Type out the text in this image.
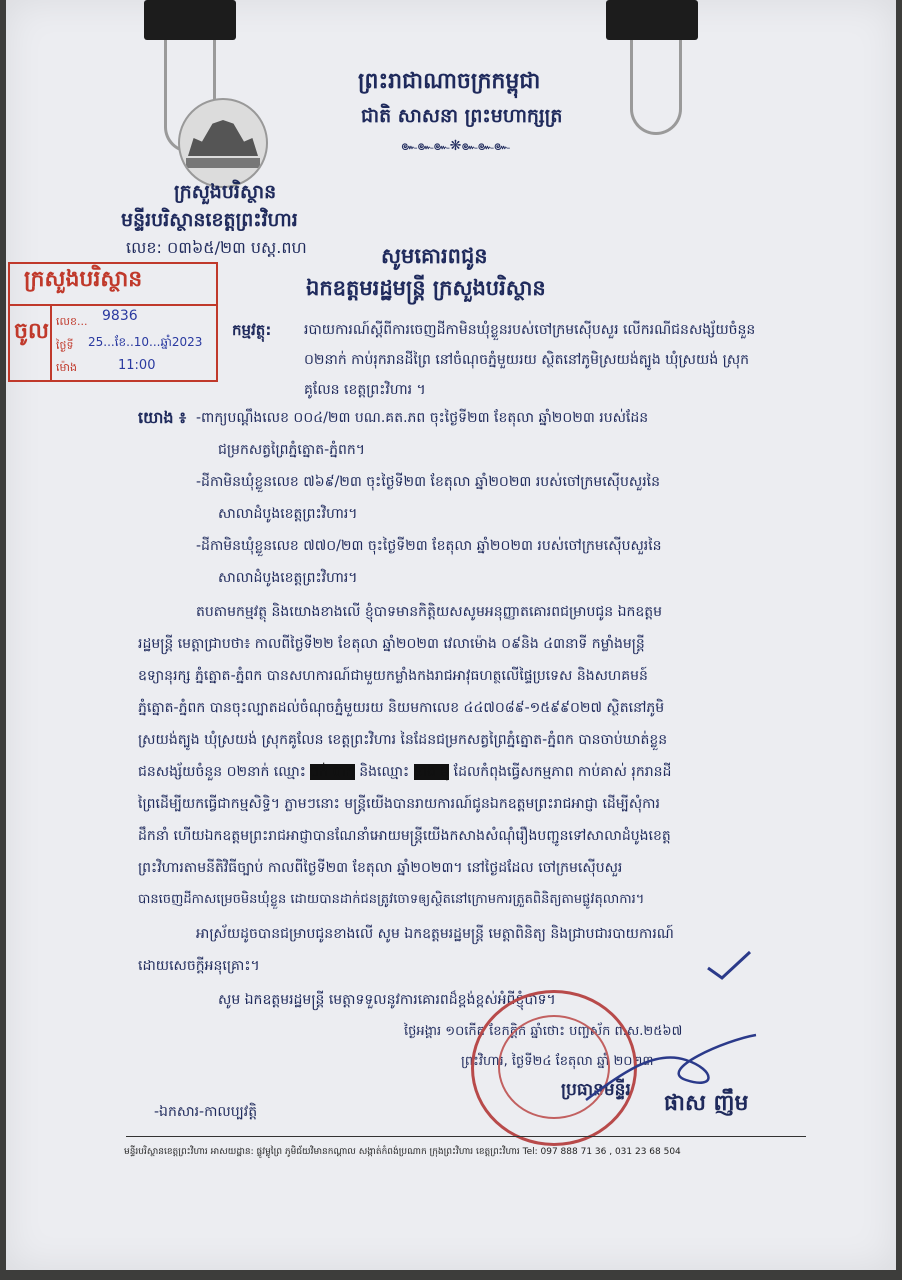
ព្រះរាជាណាចក្រកម្ពុជា
ជាតិ សាសនា ព្រះមហាក្សត្រ
๛๛๛❋๛๛๛
ក្រសួងបរិស្ថាន
មន្ទីរបរិស្ថានខេត្តព្រះវិហារ
លេខ: ០៣៦៥/២៣ បស្ត.ពហ
ក្រសួងបរិស្ថាន
ចូល លេខ... 9836
ថ្ងៃទី 25...ខែ..10...ឆ្នាំ2023
ម៉ោង	11:00
សូមគោរពជូន
ឯកឧត្តមរដ្ឋមន្ត្រី ក្រសួងបរិស្ថាន
កម្មវត្ថុ: របាយការណ៍ស្តីពីការចេញដីកាមិនឃុំខ្លួនរបស់ចៅក្រមស៊ើបសួរ លើករណីជនសង្ស័យចំនួន
០២នាក់ កាប់រុករានដីព្រៃ នៅចំណុចភ្នំមួយរយ ស្ថិតនៅភូមិស្រយង់ត្បូង ឃុំស្រយង់ ស្រុក
គូលែន ខេត្តព្រះវិហារ ។
យោង ៖ -ពាក្យបណ្តឹងលេខ ០០៤/២៣ បណ.គត.ភព ចុះថ្ងៃទី២៣ ខែតុលា ឆ្នាំ២០២៣ របស់ដែន
ជម្រកសត្វព្រៃភ្នំត្នោត-ភ្នំពក។
-ដីកាមិនឃុំខ្លួនលេខ ៧៦៩/២៣ ចុះថ្ងៃទី២៣ ខែតុលា ឆ្នាំ២០២៣ របស់ចៅក្រមស៊ើបសួរនៃ
សាលាដំបូងខេត្តព្រះវិហារ។
-ដីកាមិនឃុំខ្លួនលេខ ៧៧០/២៣ ចុះថ្ងៃទី២៣ ខែតុលា ឆ្នាំ២០២៣ របស់ចៅក្រមស៊ើបសួរនៃ
សាលាដំបូងខេត្តព្រះវិហារ។
តបតាមកម្មវត្ថុ និងយោងខាងលើ ខ្ញុំបាទមានកិត្តិយសសូមអនុញ្ញាតគោរពជម្រាបជូន ឯកឧត្តម
រដ្ឋមន្ត្រី មេត្តាជ្រាបថា៖ កាលពីថ្ងៃទី២២ ខែតុលា ឆ្នាំ២០២៣ វេលាម៉ោង ០៩និង ៤៣នាទី កម្លាំងមន្ត្រី
ឧទ្យានុរក្ស ភ្នំត្នោត-ភ្នំពក បានសហការណ៍ជាមួយកម្លាំងកងរាជអាវុធហត្ថលើផ្ទៃប្រទេស និងសហគមន៍
ភ្នំត្នោត-ភ្នំពក បានចុះល្បាតដល់ចំណុចភ្នំមួយរយ និយមកាលេខ ៤៤៧០៨៩-១៥៩៩០២៧ ស្ថិតនៅភូមិ
ស្រយង់ត្បូង ឃុំស្រយង់ ស្រុកគូលែន ខេត្តព្រះវិហារ នៃដែនជម្រកសត្វព្រៃភ្នំត្នោត-ភ្នំពក បានចាប់ឃាត់ខ្លួន
ជនសង្ស័យចំនួន ០២នាក់ ឈ្មោះ ចក់ បាក និងឈ្មោះ នាង មុ ដែលកំពុងធ្វើសកម្មភាព កាប់គាស់ រុករានដី
ព្រៃដើម្បីយកធ្វើជាកម្មសិទ្ធិ។ ភ្លាមៗនោះ មន្ត្រីយើងបានរាយការណ៍ជូនឯកឧត្តមព្រះរាជអាជ្ញា ដើម្បីសុំការ
ដឹកនាំ ហើយឯកឧត្តមព្រះរាជអាជ្ញាបានណែនាំអោយមន្ត្រីយើងកសាងសំណុំរឿងបញ្ជូនទៅសាលាដំបូងខេត្ត
ព្រះវិហារតាមនីតិវិធីច្បាប់ កាលពីថ្ងៃទី២៣ ខែតុលា ឆ្នាំ២០២៣។ នៅថ្ងៃដដែល ចៅក្រមស៊ើបសួរ
បានចេញដីកាសម្រេចមិនឃុំខ្លួន ដោយបានដាក់ជនត្រូវចោទឲ្យស្ថិតនៅក្រោមការត្រួតពិនិត្យតាមផ្លូវតុលាការ។
អាស្រ័យដូចបានជម្រាបជូនខាងលើ សូម ឯកឧត្តមរដ្ឋមន្ត្រី មេត្តាពិនិត្យ និងជ្រាបជារបាយការណ៍
ដោយសេចក្តីអនុគ្រោះ។
សូម ឯកឧត្តមរដ្ឋមន្ត្រី មេត្តាទទួលនូវការគោរពដ៏ខ្ពង់ខ្ពស់អំពីខ្ញុំបាទ។
ថ្ងៃអង្គារ ១០កើត ខែកត្តិក ឆ្នាំថោះ បញ្ចស័ក ព.ស.២៥៦៧
ព្រះវិហារ, ថ្ងៃទី២៤ ខែតុលា ឆ្នាំ ២០២៣
ប្រធានមន្ទីរ
ផាស ញឹម
-ឯកសារ-កាលប្បវត្តិ
មន្ទីរបរិស្ថានខេត្តព្រះវិហារ អាសយដ្ឋាន: ផ្លូវម្លូព្រៃ ភូមិជ័យវិមានកណ្តាល សង្កាត់កំពង់ប្រណាក ក្រុងព្រះវិហារ ខេត្តព្រះវិហារ Tel: 097 888 71 36 , 031 23 68 504
